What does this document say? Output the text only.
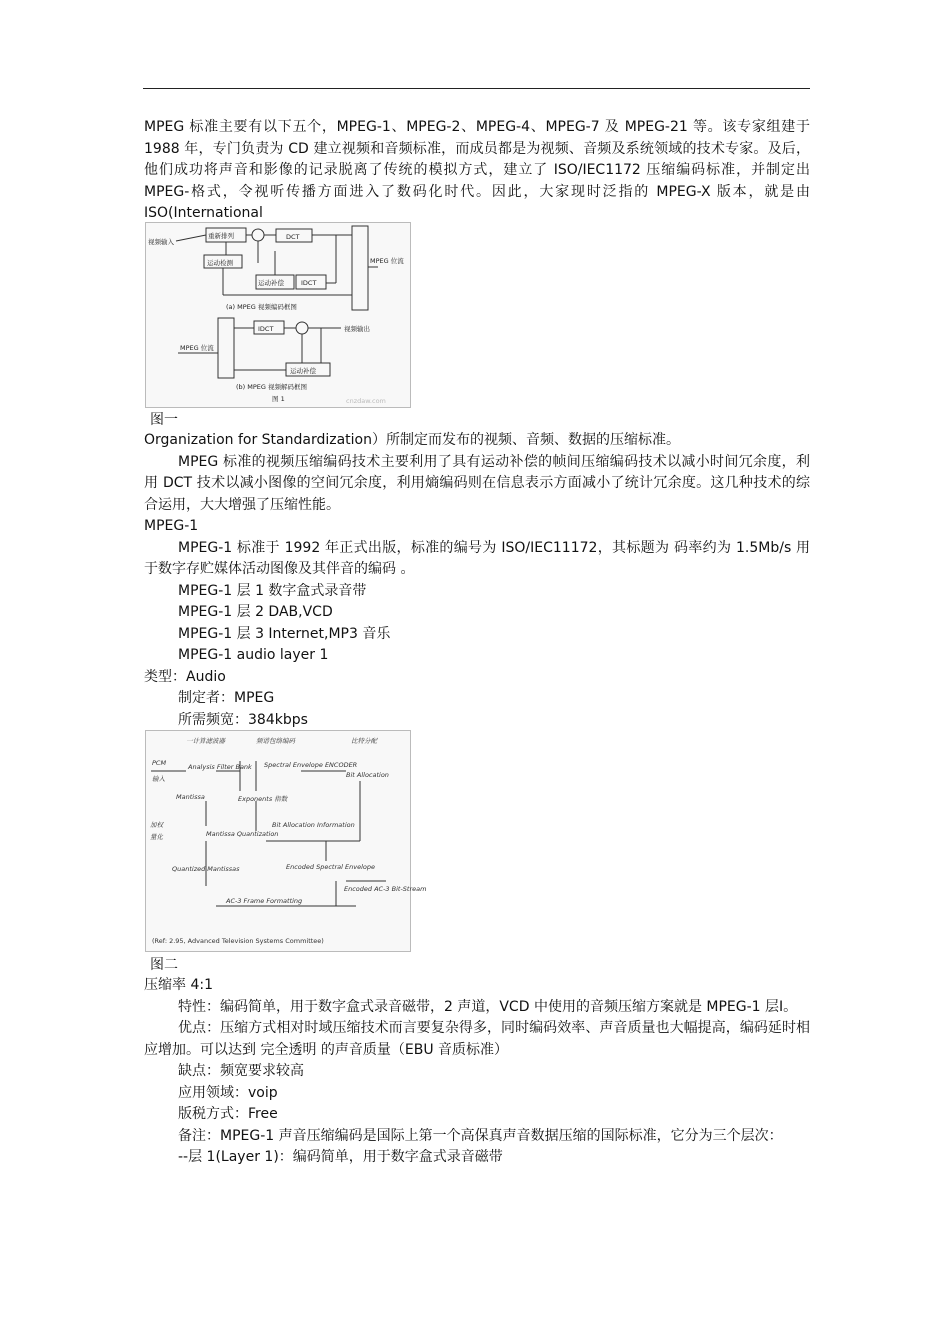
MPEG 标准主要有以下五个，MPEG-1、MPEG-2、MPEG-4、MPEG-7 及 MPEG-21 等。该专家组建于 1988 年，专门负责为 CD 建立视频和音频标准，而成员都是为视频、音频及系统领域的技术专家。及后，他们成功将声音和影像的记录脱离了传统的模拟方式，建立了 ISO/IEC1172 压缩编码标准，并制定出 MPEG-格式，令视听传播方面进入了数码化时代。因此，大家现时泛指的 MPEG-X 版本，就是由 ISO(International
视频输入
重新排列	DCT
MPEG 位流
运动检测
运动补偿	IDCT
(a) MPEG 视频编码框图
IDCT	视频输出
MPEG 位流
运动补偿
(b) MPEG 视频解码框图
图 1	cnzdaw.com
图一

Organization for Standardization）所制定而发布的视频、音频、数据的压缩标准。

MPEG 标准的视频压缩编码技术主要利用了具有运动补偿的帧间压缩编码技术以减小时间冗余度，利用 DCT 技术以减小图像的空间冗余度，利用熵编码则在信息表示方面减小了统计冗余度。这几种技术的综合运用，大大增强了压缩性能。

MPEG-1

MPEG-1 标准于 1992 年正式出版，标准的编号为 ISO/IEC11172，其标题为 码率约为 1.5Mb/s 用于数字存贮媒体活动图像及其伴音的编码 。

MPEG-1 层 1 数字盒式录音带

MPEG-1 层 2 DAB,VCD

MPEG-1 层 3 Internet,MP3 音乐

MPEG-1 audio layer 1

类型：Audio

制定者：MPEG

所需频宽：384kbps

一计算滤波器	频谱包络编码	比特分配
PCM
输入
Analysis Filter Bank Spectral Envelope ENCODER
Exponents 指数
Bit Allocation
Mantissa
Mantissa Quantization
Bit Allocation Information
加权
量化
Quantized Mantissas	Encoded Spectral Envelope
AC-3 Frame Formatting
Encoded AC-3 Bit-Stream
(Ref: 2.95, Advanced Television Systems Committee)
图二

压缩率 4:1

特性：编码简单，用于数字盒式录音磁带，2 声道，VCD 中使用的音频压缩方案就是 MPEG-1 层Ⅰ。

优点：压缩方式相对时域压缩技术而言要复杂得多，同时编码效率、声音质量也大幅提高，编码延时相应增加。可以达到 完全透明 的声音质量（EBU 音质标准）

缺点：频宽要求较高

应用领域：voip

版税方式：Free

备注：MPEG-1 声音压缩编码是国际上第一个高保真声音数据压缩的国际标准，它分为三个层次：

--层 1(Layer 1)：编码简单，用于数字盒式录音磁带
